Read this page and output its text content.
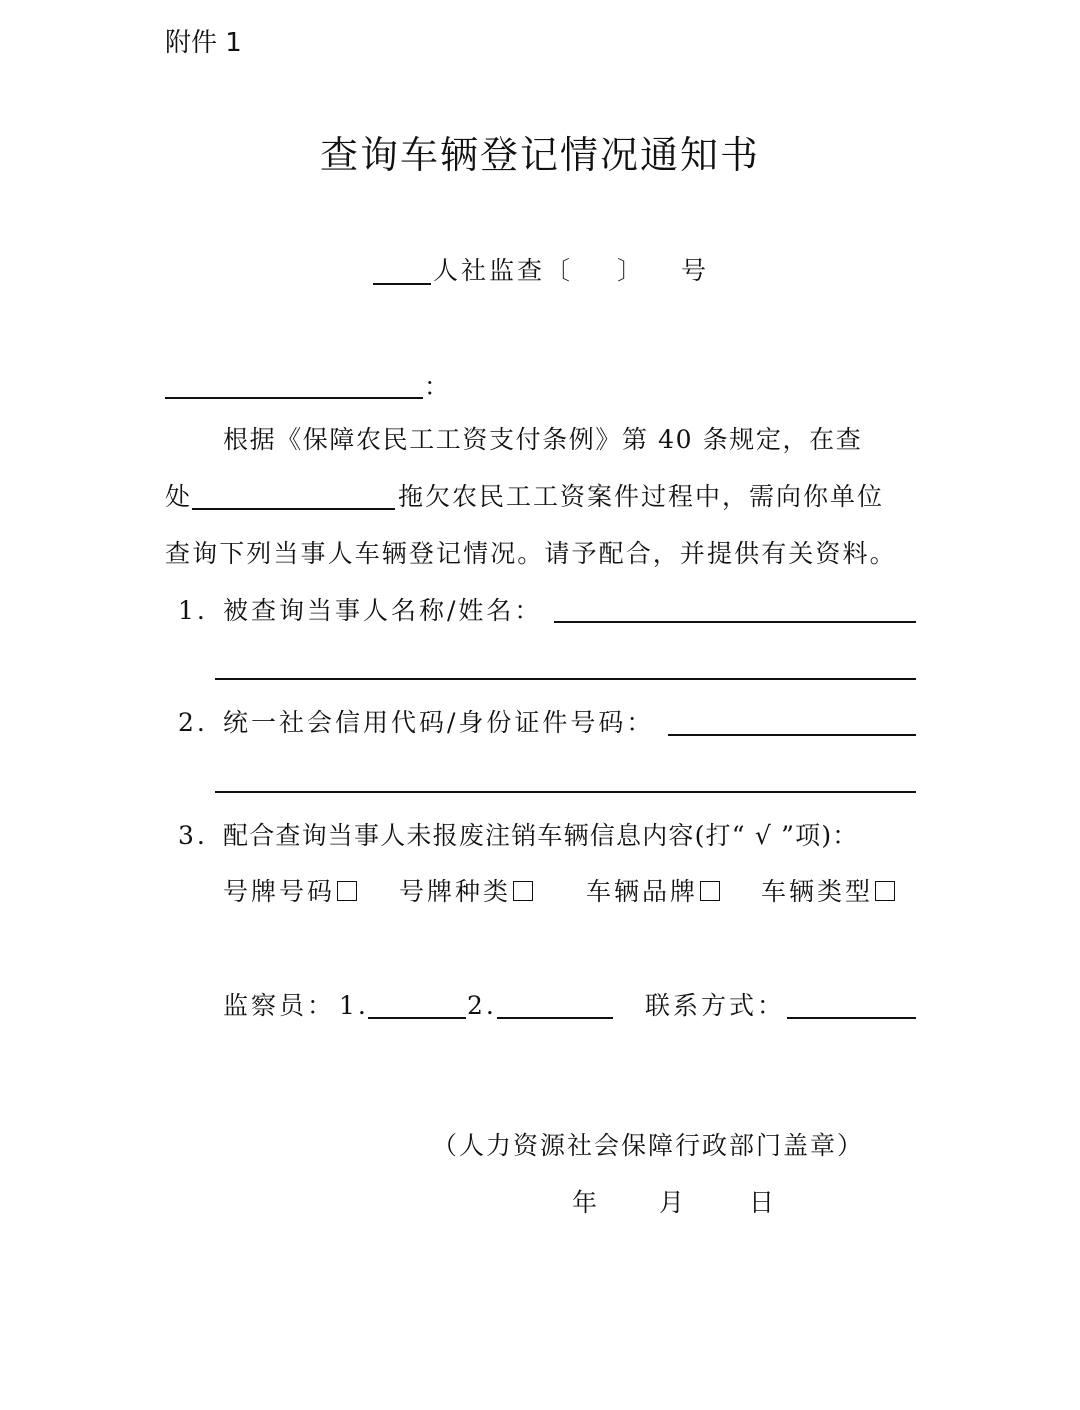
附件 1
查询车辆登记情况通知书
人社监查〔 〕 号
：
根据《保障农民工工资支付条例》第 40 条规定，在查
处	拖欠农民工工资案件过程中，需向你单位
查询下列当事人车辆登记情况。请予配合，并提供有关资料。
1. 被查询当事人名称/姓名：
2. 统一社会信用代码/身份证件号码：
3. 配合查询当事人未报废注销车辆信息内容(打“ √ ”项)：
号牌号码	号牌种类	车辆品牌	车辆类型
监察员： 1.	2.	联系方式：
（人力资源社会保障行政部门盖章）
年 月 日
